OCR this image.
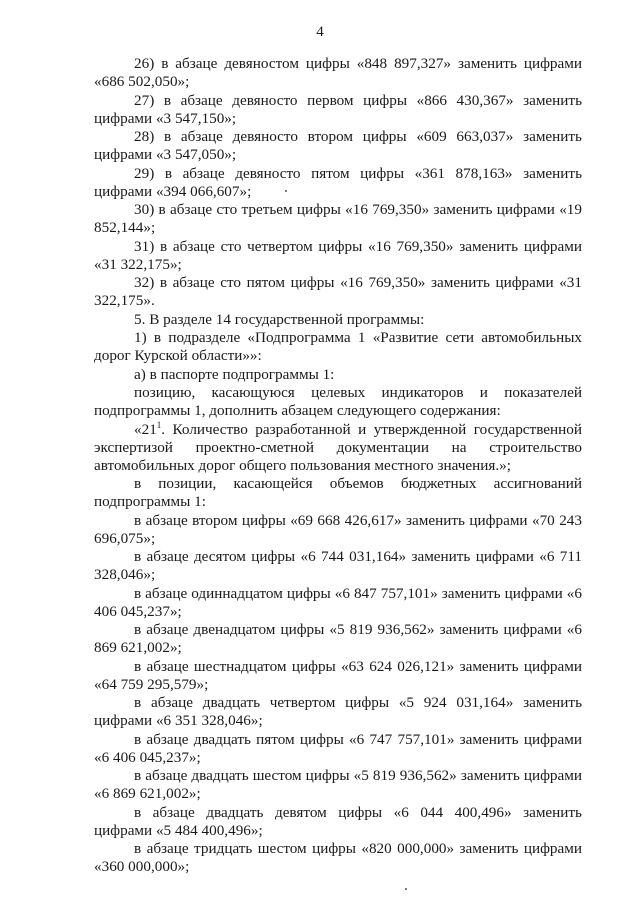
4

26) в абзаце девяностом цифры «848 897,327» заменить цифрами «686 502,050»;

27) в абзаце девяносто первом цифры «866 430,367» заменить цифрами «3 547,150»;

28) в абзаце девяносто втором цифры «609 663,037» заменить цифрами «3 547,050»;

29) в абзаце девяносто пятом цифры «361 878,163» заменить цифрами «394 066,607»;

30) в абзаце сто третьем цифры «16 769,350» заменить цифрами «19 852,144»;

31) в абзаце сто четвертом цифры «16 769,350» заменить цифрами «31 322,175»;

32) в абзаце сто пятом цифры «16 769,350» заменить цифрами «31 322,175».

5. В разделе 14 государственной программы:

1) в подразделе «Подпрограмма 1 «Развитие сети автомобильных дорог Курской области»»:

а) в паспорте подпрограммы 1:

позицию, касающуюся целевых индикаторов и показателей подпрограммы 1, дополнить абзацем следующего содержания:

«$21^1$. Количество разработанной и утвержденной государственной экспертизой проектно-сметной документации на строительство автомобильных дорог общего пользования местного значения.»;

в позиции, касающейся объемов бюджетных ассигнований подпрограммы 1:

в абзаце втором цифры «69 668 426,617» заменить цифрами «70 243 696,075»;

в абзаце десятом цифры «6 744 031,164» заменить цифрами «6 711 328,046»;

в абзаце одиннадцатом цифры «6 847 757,101» заменить цифрами «6 406 045,237»;

в абзаце двенадцатом цифры «5 819 936,562» заменить цифрами «6 869 621,002»;

в абзаце шестнадцатом цифры «63 624 026,121» заменить цифрами «64 759 295,579»;

в абзаце двадцать четвертом цифры «5 924 031,164» заменить цифрами «6 351 328,046»;

в абзаце двадцать пятом цифры «6 747 757,101» заменить цифрами «6 406 045,237»;

в абзаце двадцать шестом цифры «5 819 936,562» заменить цифрами «6 869 621,002»;

в абзаце двадцать девятом цифры «6 044 400,496» заменить цифрами «5 484 400,496»;

в абзаце тридцать шестом цифры «820 000,000» заменить цифрами «360 000,000»;
